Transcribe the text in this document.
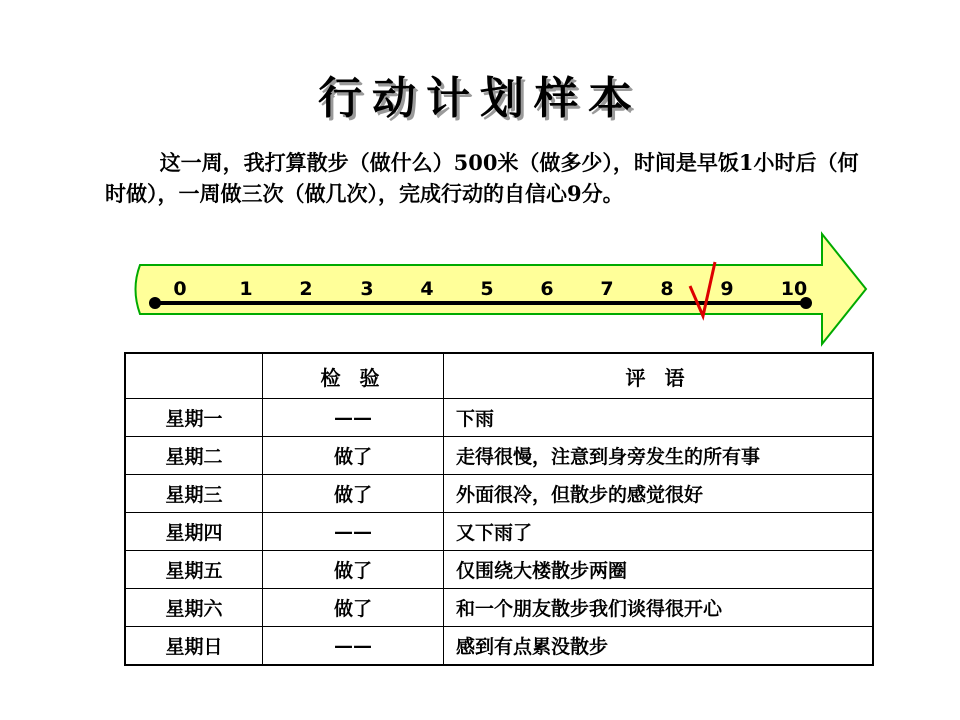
行动计划样本
这一周，我打算散步（做什么）500米（做多少），时间是早饭1小时后（何时做），一周做三次（做几次），完成行动的自信心9分。
0	1 2	3 4 5 6 7 8 9 10
	检 验	评 语
星期一	——	下雨
星期二	做了	走得很慢，注意到身旁发生的所有事
星期三	做了	外面很冷，但散步的感觉很好
星期四	——	又下雨了
星期五	做了	仅围绕大楼散步两圈
星期六	做了	和一个朋友散步我们谈得很开心
星期日	——	感到有点累没散步
